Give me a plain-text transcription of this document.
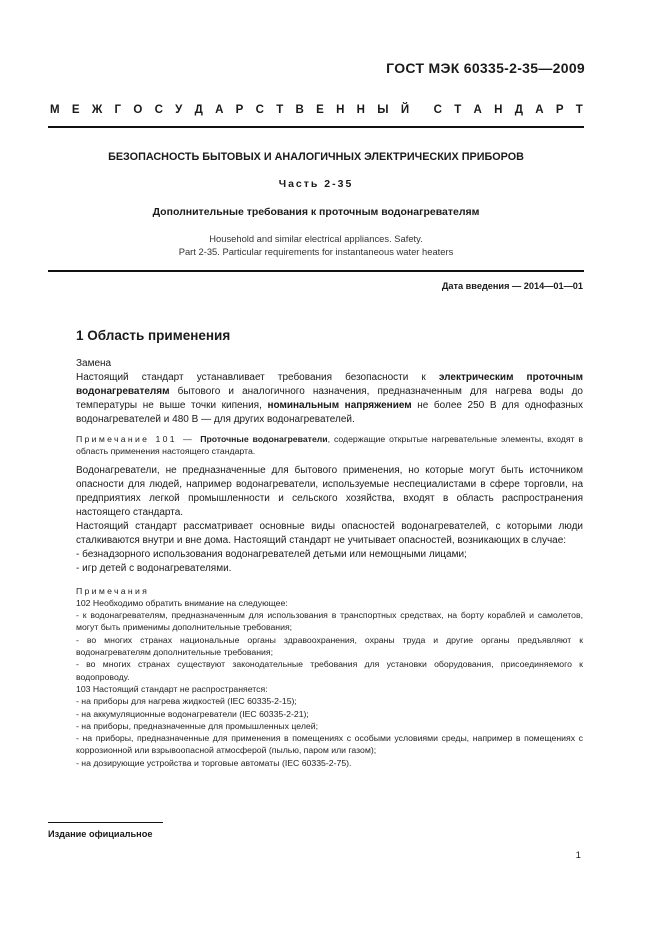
ГОСТ МЭК 60335-2-35—2009
М Е Ж Г О С У Д А Р С Т В Е Н Н Ы Й С Т А Н Д А Р Т
БЕЗОПАСНОСТЬ БЫТОВЫХ И АНАЛОГИЧНЫХ ЭЛЕКТРИЧЕСКИХ ПРИБОРОВ
Часть 2-35
Дополнительные требования к проточным водонагревателям
Household and similar electrical appliances. Safety.
Part 2-35. Particular requirements for instantaneous water heaters
Дата введения — 2014—01—01
1 Область применения

Замена

Настоящий стандарт устанавливает требования безопасности к электрическим проточным водонагревателям бытового и аналогичного назначения, предназначенным для нагрева воды до температуры не выше точки кипения, номинальным напряжением не более 250 В для однофазных водонагревателей и 480 В — для других водонагревателей.

Примечание 101 — Проточные водонагреватели, содержащие открытые нагревательные элементы, входят в область применения настоящего стандарта.

Водонагреватели, не предназначенные для бытового применения, но которые могут быть источником опасности для людей, например водонагреватели, используемые неспециалистами в сфере торговли, на предприятиях легкой промышленности и сельского хозяйства, входят в область распространения настоящего стандарта.

Настоящий стандарт рассматривает основные виды опасностей водонагревателей, с которыми люди сталкиваются внутри и вне дома. Настоящий стандарт не учитывает опасностей, возникающих в случае:

- безнадзорного использования водонагревателей детьми или немощными лицами;

- игр детей с водонагревателями.

Примечания

102 Необходимо обратить внимание на следующее:

- к водонагревателям, предназначенным для использования в транспортных средствах, на борту кораблей и самолетов, могут быть применимы дополнительные требования;

- во многих странах национальные органы здравоохранения, охраны труда и другие органы предъявляют к водонагревателям дополнительные требования;

- во многих странах существуют законодательные требования для установки оборудования, присоединяемого к водопроводу.

103 Настоящий стандарт не распространяется:

- на приборы для нагрева жидкостей (IEC 60335-2-15);

- на аккумуляционные водонагреватели (IEC 60335-2-21);

- на приборы, предназначенные для промышленных целей;

- на приборы, предназначенные для применения в помещениях с особыми условиями среды, например в помещениях с коррозионной или взрывоопасной атмосферой (пылью, паром или газом);

- на дозирующие устройства и торговые автоматы (IEC 60335-2-75).

Издание официальное
1
